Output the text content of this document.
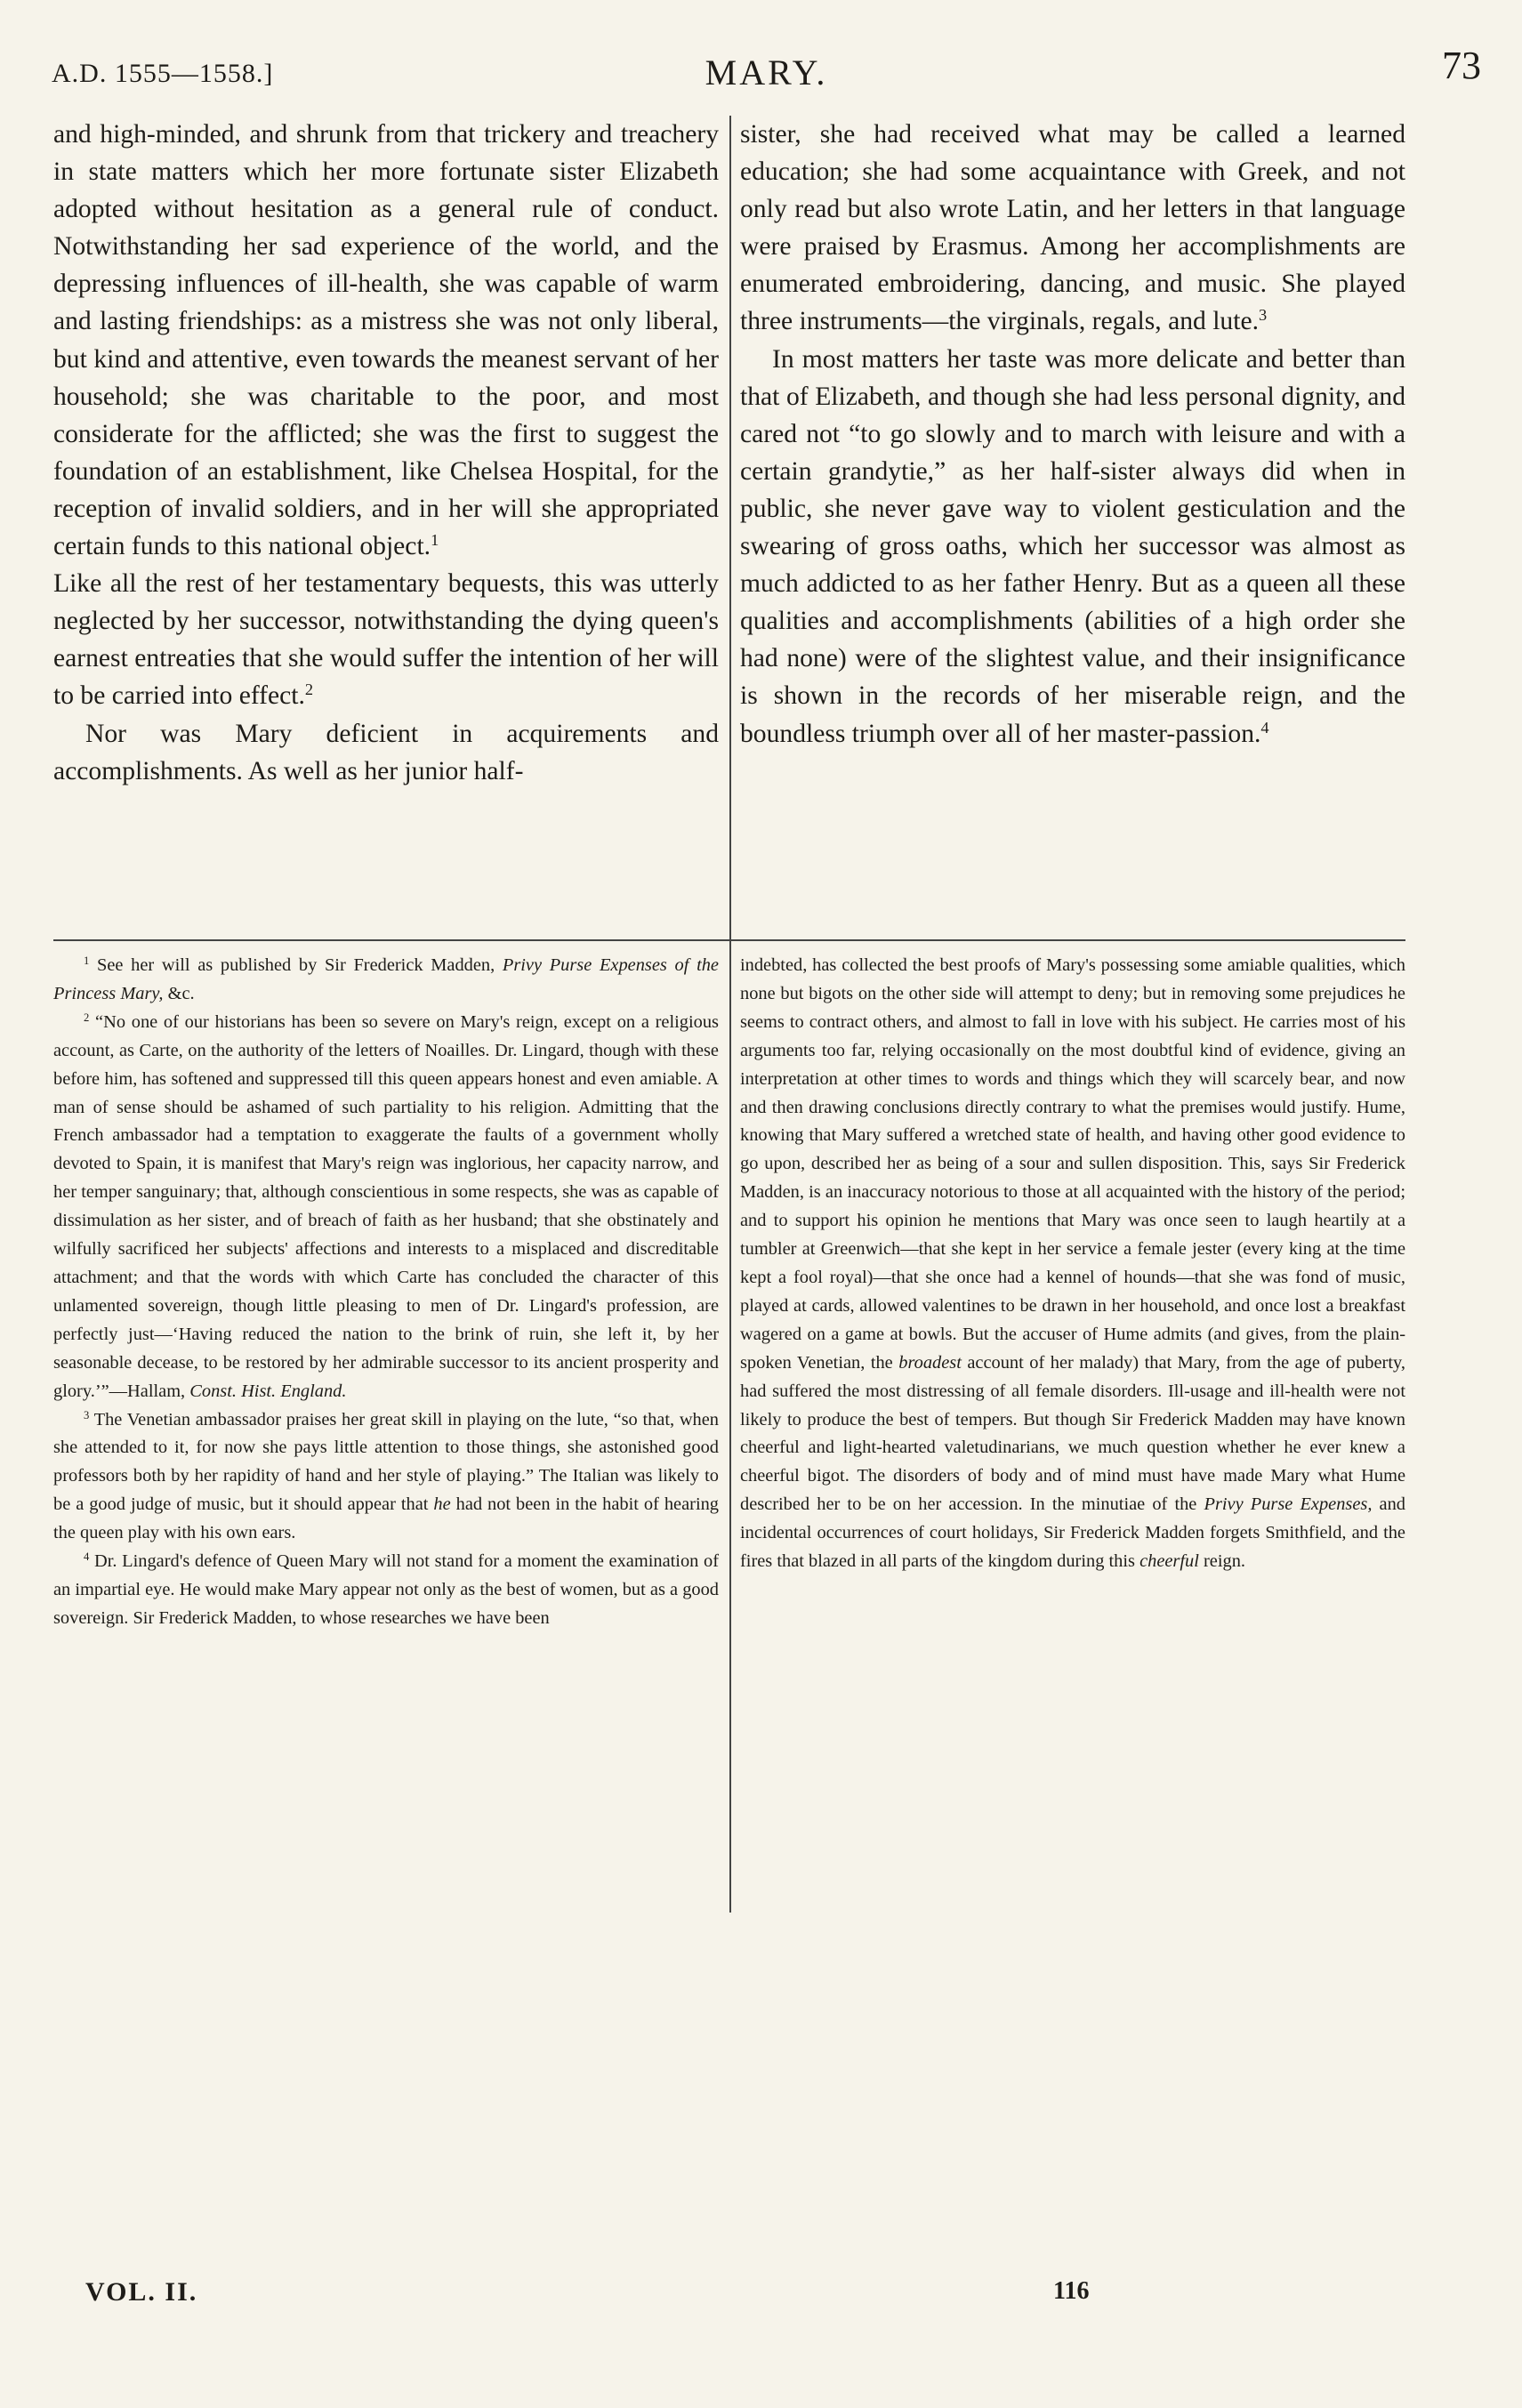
A.D. 1555—1558.]	MARY.	73

and high-minded, and shrunk from that trickery and treachery in state matters which her more fortunate sister Elizabeth adopted without hesitation as a general rule of conduct. Notwithstanding her sad experience of the world, and the depressing influences of ill-health, she was capable of warm and lasting friendships: as a mistress she was not only liberal, but kind and attentive, even towards the meanest servant of her household; she was charitable to the poor, and most considerate for the afflicted; she was the first to suggest the foundation of an establishment, like Chelsea Hospital, for the reception of invalid soldiers, and in her will she appropriated certain funds to this national object.$^1$

Like all the rest of her testamentary bequests, this was utterly neglected by her successor, notwithstanding the dying queen's earnest entreaties that she would suffer the intention of her will to be carried into effect.$^2$

Nor was Mary deficient in acquirements and accomplishments. As well as her junior half-

sister, she had received what may be called a learned education; she had some acquaintance with Greek, and not only read but also wrote Latin, and her letters in that language were praised by Erasmus. Among her accomplishments are enumerated embroidering, dancing, and music. She played three instruments—the virginals, regals, and lute.$^3$

In most matters her taste was more delicate and better than that of Elizabeth, and though she had less personal dignity, and cared not “to go slowly and to march with leisure and with a certain grandytie,” as her half-sister always did when in public, she never gave way to violent gesticulation and the swearing of gross oaths, which her successor was almost as much addicted to as her father Henry. But as a queen all these qualities and accomplishments (abilities of a high order she had none) were of the slightest value, and their insignificance is shown in the records of her miserable reign, and the boundless triumph over all of her master-passion.$^4$

$^1$ See her will as published by Sir Frederick Madden, Privy Purse Expenses of the Princess Mary, &c.

$^2$ “No one of our historians has been so severe on Mary's reign, except on a religious account, as Carte, on the authority of the letters of Noailles. Dr. Lingard, though with these before him, has softened and suppressed till this queen appears honest and even amiable. A man of sense should be ashamed of such partiality to his religion. Admitting that the French ambassador had a temptation to exaggerate the faults of a government wholly devoted to Spain, it is manifest that Mary's reign was inglorious, her capacity narrow, and her temper sanguinary; that, although conscientious in some respects, she was as capable of dissimulation as her sister, and of breach of faith as her husband; that she obstinately and wilfully sacrificed her subjects' affections and interests to a misplaced and discreditable attachment; and that the words with which Carte has concluded the character of this unlamented sovereign, though little pleasing to men of Dr. Lingard's profession, are perfectly just—‘Having reduced the nation to the brink of ruin, she left it, by her seasonable decease, to be restored by her admirable successor to its ancient prosperity and glory.’”—Hallam, Const. Hist. England.

$^3$ The Venetian ambassador praises her great skill in playing on the lute, “so that, when she attended to it, for now she pays little attention to those things, she astonished good professors both by her rapidity of hand and her style of playing.” The Italian was likely to be a good judge of music, but it should appear that he had not been in the habit of hearing the queen play with his own ears.

$^4$ Dr. Lingard's defence of Queen Mary will not stand for a moment the examination of an impartial eye. He would make Mary appear not only as the best of women, but as a good sovereign. Sir Frederick Madden, to whose researches we have been

indebted, has collected the best proofs of Mary's possessing some amiable qualities, which none but bigots on the other side will attempt to deny; but in removing some prejudices he seems to contract others, and almost to fall in love with his subject. He carries most of his arguments too far, relying occasionally on the most doubtful kind of evidence, giving an interpretation at other times to words and things which they will scarcely bear, and now and then drawing conclusions directly contrary to what the premises would justify. Hume, knowing that Mary suffered a wretched state of health, and having other good evidence to go upon, described her as being of a sour and sullen disposition. This, says Sir Frederick Madden, is an inaccuracy notorious to those at all acquainted with the history of the period; and to support his opinion he mentions that Mary was once seen to laugh heartily at a tumbler at Greenwich—that she kept in her service a female jester (every king at the time kept a fool royal)—that she once had a kennel of hounds—that she was fond of music, played at cards, allowed valentines to be drawn in her household, and once lost a breakfast wagered on a game at bowls. But the accuser of Hume admits (and gives, from the plain-spoken Venetian, the broadest account of her malady) that Mary, from the age of puberty, had suffered the most distressing of all female disorders. Ill-usage and ill-health were not likely to produce the best of tempers. But though Sir Frederick Madden may have known cheerful and light-hearted valetudinarians, we much question whether he ever knew a cheerful bigot. The disorders of body and of mind must have made Mary what Hume described her to be on her accession. In the minutiae of the Privy Purse Expenses, and incidental occurrences of court holidays, Sir Frederick Madden forgets Smithfield, and the fires that blazed in all parts of the kingdom during this cheerful reign.

VOL. II.	116
